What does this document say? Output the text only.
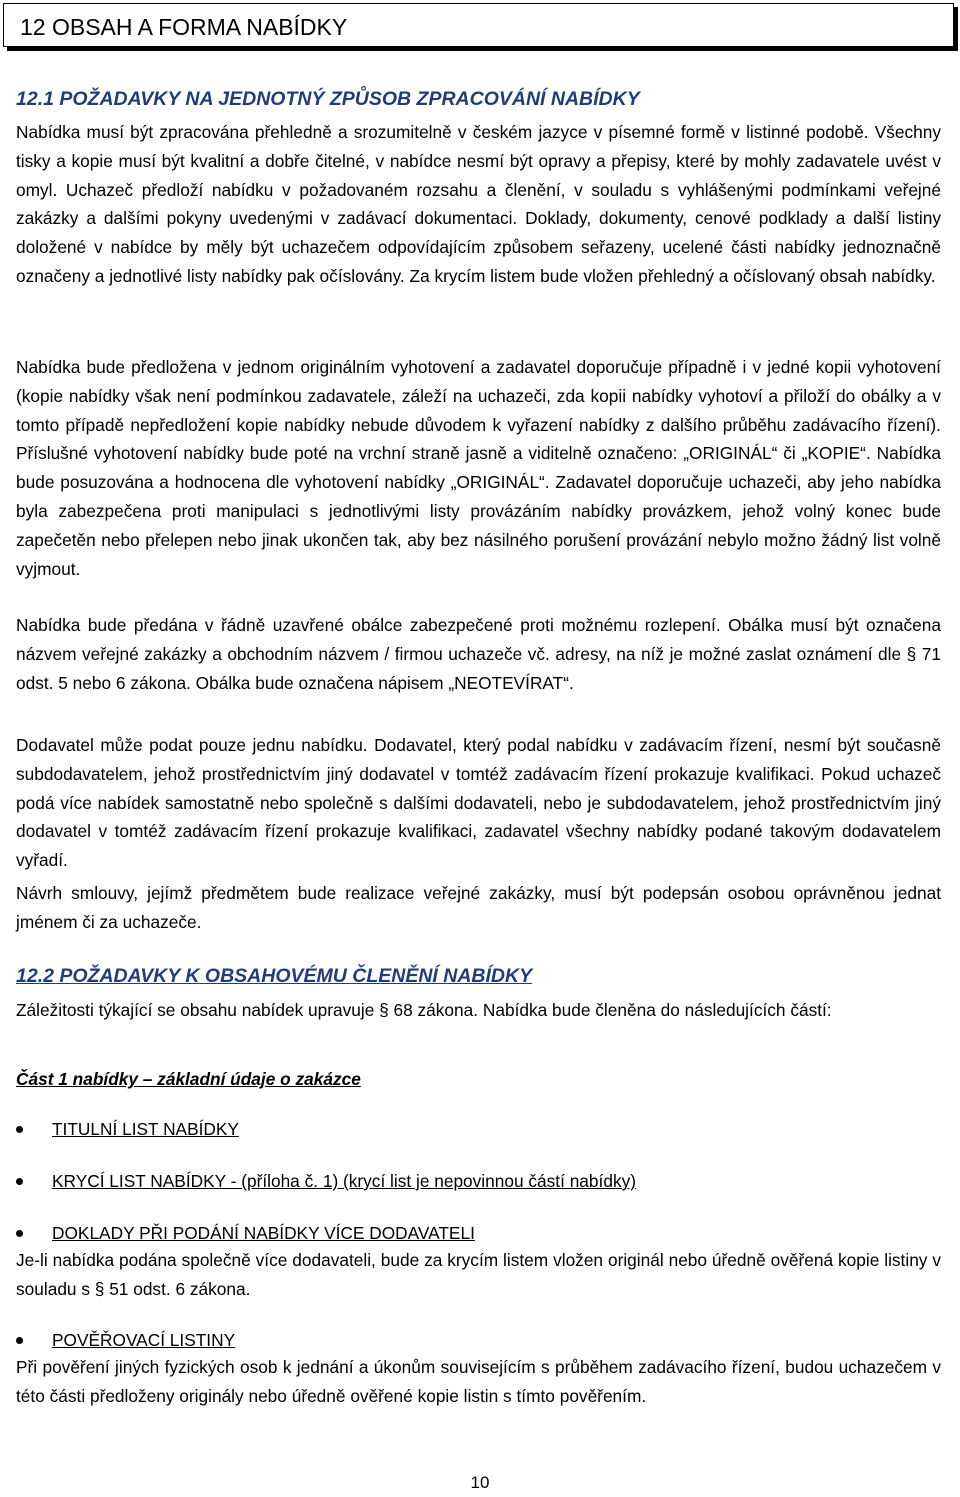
12 OBSAH A FORMA NABÍDKY
12.1 POŽADAVKY NA JEDNOTNÝ ZPŮSOB ZPRACOVÁNÍ NABÍDKY

Nabídka musí být zpracována přehledně a srozumitelně v českém jazyce v písemné formě v listinné podobě. Všechny tisky a kopie musí být kvalitní a dobře čitelné, v nabídce nesmí být opravy a přepisy, které by mohly zadavatele uvést v omyl. Uchazeč předloží nabídku v požadovaném rozsahu a členění, v souladu s vyhlášenými podmínkami veřejné zakázky a dalšími pokyny uvedenými v zadávací dokumentaci. Doklady, dokumenty, cenové podklady a další listiny doložené v nabídce by měly být uchazečem odpovídajícím způsobem seřazeny, ucelené části nabídky jednoznačně označeny a jednotlivé listy nabídky pak očíslovány. Za krycím listem bude vložen přehledný a očíslovaný obsah nabídky.

Nabídka bude předložena v jednom originálním vyhotovení a zadavatel doporučuje případně i v jedné kopii vyhotovení (kopie nabídky však není podmínkou zadavatele, záleží na uchazeči, zda kopii nabídky vyhotoví a přiloží do obálky a v tomto případě nepředložení kopie nabídky nebude důvodem k vyřazení nabídky z dalšího průběhu zadávacího řízení). Příslušné vyhotovení nabídky bude poté na vrchní straně jasně a viditelně označeno: „ORIGINÁL“ či „KOPIE“. Nabídka bude posuzována a hodnocena dle vyhotovení nabídky „ORIGINÁL“. Zadavatel doporučuje uchazeči, aby jeho nabídka byla zabezpečena proti manipulaci s jednotlivými listy provázáním nabídky provázkem, jehož volný konec bude zapečetěn nebo přelepen nebo jinak ukončen tak, aby bez násilného porušení provázání nebylo možno žádný list volně vyjmout.

Nabídka bude předána v řádně uzavřené obálce zabezpečené proti možnému rozlepení. Obálka musí být označena názvem veřejné zakázky a obchodním názvem / firmou uchazeče vč. adresy, na níž je možné zaslat oznámení dle § 71 odst. 5 nebo 6 zákona. Obálka bude označena nápisem „NEOTEVÍRAT“.

Dodavatel může podat pouze jednu nabídku. Dodavatel, který podal nabídku v zadávacím řízení, nesmí být současně subdodavatelem, jehož prostřednictvím jiný dodavatel v tomtéž zadávacím řízení prokazuje kvalifikaci. Pokud uchazeč podá více nabídek samostatně nebo společně s dalšími dodavateli, nebo je subdodavatelem, jehož prostřednictvím jiný dodavatel v tomtéž zadávacím řízení prokazuje kvalifikaci, zadavatel všechny nabídky podané takovým dodavatelem vyřadí.

Návrh smlouvy, jejímž předmětem bude realizace veřejné zakázky, musí být podepsán osobou oprávněnou jednat jménem či za uchazeče.

12.2 POŽADAVKY K OBSAHOVÉMU ČLENĚNÍ NABÍDKY

Záležitosti týkající se obsahu nabídek upravuje § 68 zákona. Nabídka bude členěna do následujících částí:

Část 1 nabídky – základní údaje o zakázce

TITULNÍ LIST NABÍDKY
KRYCÍ LIST NABÍDKY - (příloha č. 1) (krycí list je nepovinnou částí nabídky)
DOKLADY PŘI PODÁNÍ NABÍDKY VÍCE DODAVATELI

Je-li nabídka podána společně více dodavateli, bude za krycím listem vložen originál nebo úředně ověřená kopie listiny v souladu s § 51 odst. 6 zákona.

POVĚŘOVACÍ LISTINY

Při pověření jiných fyzických osob k jednání a úkonům souvisejícím s průběhem zadávacího řízení, budou uchazečem v této části předloženy originály nebo úředně ověřené kopie listin s tímto pověřením.

10
